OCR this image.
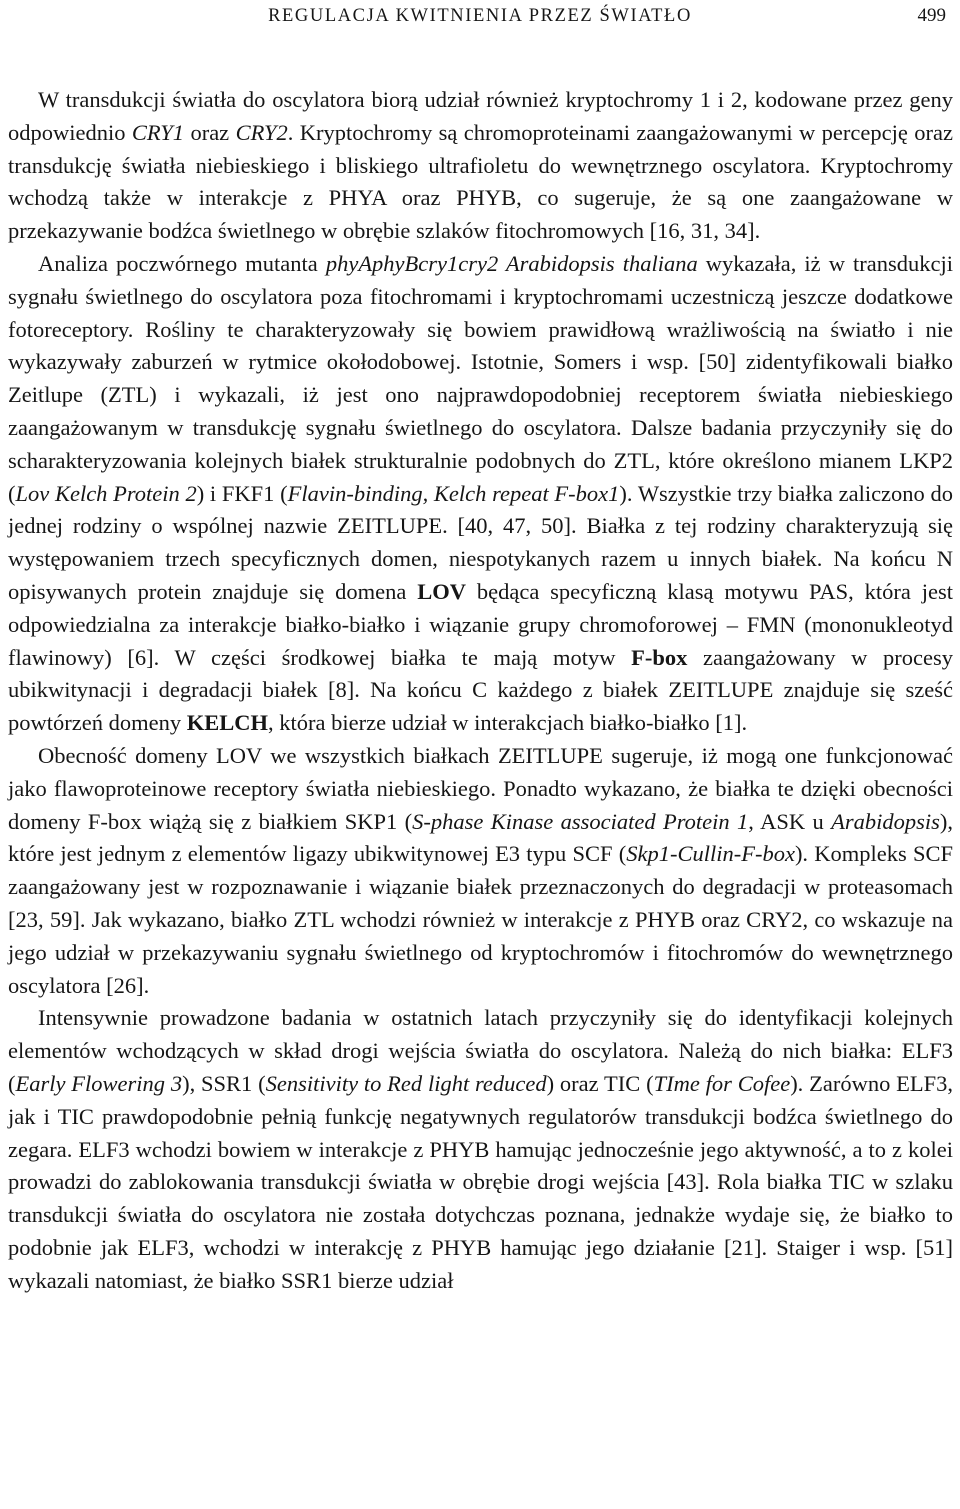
REGULACJA KWITNIENIA PRZEZ ŚWIATŁO	499

W transdukcji światła do oscylatora biorą udział również kryptochromy 1 i 2, kodowane przez geny odpowiednio CRY1 oraz CRY2. Kryptochromy są chromoproteinami zaangażowanymi w percepcję oraz transdukcję światła niebieskiego i bliskiego ultrafioletu do wewnętrznego oscylatora. Kryptochromy wchodzą także w interakcje z PHYA oraz PHYB, co sugeruje, że są one zaangażowane w przekazywanie bodźca świetlnego w obrębie szlaków fitochromowych [16, 31, 34].

Analiza poczwórnego mutanta phyAphyBcry1cry2 Arabidopsis thaliana wykazała, iż w transdukcji sygnału świetlnego do oscylatora poza fitochromami i kryptochromami uczestniczą jeszcze dodatkowe fotoreceptory. Rośliny te charakteryzowały się bowiem prawidłową wrażliwością na światło i nie wykazywały zaburzeń w rytmice okołodobowej. Istotnie, Somers i wsp. [50] zidentyfikowali białko Zeitlupe (ZTL) i wykazali, iż jest ono najprawdopodobniej receptorem światła niebieskiego zaangażowanym w transdukcję sygnału świetlnego do oscylatora. Dalsze badania przyczyniły się do scharakteryzowania kolejnych białek strukturalnie podobnych do ZTL, które określono mianem LKP2 (Lov Kelch Protein 2) i FKF1 (Flavin-binding, Kelch repeat F-box1). Wszystkie trzy białka zaliczono do jednej rodziny o wspólnej nazwie ZEITLUPE. [40, 47, 50]. Białka z tej rodziny charakteryzują się występowaniem trzech specyficznych domen, niespotykanych razem u innych białek. Na końcu N opisywanych protein znajduje się domena LOV będąca specyficzną klasą motywu PAS, która jest odpowiedzialna za interakcje białko-białko i wiązanie grupy chromoforowej – FMN (mononukleotyd flawinowy) [6]. W części środkowej białka te mają motyw F-box zaangażowany w procesy ubikwitynacji i degradacji białek [8]. Na końcu C każdego z białek ZEITLUPE znajduje się sześć powtórzeń domeny KELCH, która bierze udział w interakcjach białko-białko [1].

Obecność domeny LOV we wszystkich białkach ZEITLUPE sugeruje, iż mogą one funkcjonować jako flawoproteinowe receptory światła niebieskiego. Ponadto wykazano, że białka te dzięki obecności domeny F-box wiążą się z białkiem SKP1 (S-phase Kinase associated Protein 1, ASK u Arabidopsis), które jest jednym z elementów ligazy ubikwitynowej E3 typu SCF (Skp1-Cullin-F-box). Kompleks SCF zaangażowany jest w rozpoznawanie i wiązanie białek przeznaczonych do degradacji w proteasomach [23, 59]. Jak wykazano, białko ZTL wchodzi również w interakcje z PHYB oraz CRY2, co wskazuje na jego udział w przekazywaniu sygnału świetlnego od kryptochromów i fitochromów do wewnętrznego oscylatora [26].

Intensywnie prowadzone badania w ostatnich latach przyczyniły się do identyfikacji kolejnych elementów wchodzących w skład drogi wejścia światła do oscylatora. Należą do nich białka: ELF3 (Early Flowering 3), SSR1 (Sensitivity to Red light reduced) oraz TIC (TIme for Cofee). Zarówno ELF3, jak i TIC prawdopodobnie pełnią funkcję negatywnych regulatorów transdukcji bodźca świetlnego do zegara. ELF3 wchodzi bowiem w interakcje z PHYB hamując jednocześnie jego aktywność, a to z kolei prowadzi do zablokowania transdukcji światła w obrębie drogi wejścia [43]. Rola białka TIC w szlaku transdukcji światła do oscylatora nie została dotychczas poznana, jednakże wydaje się, że białko to podobnie jak ELF3, wchodzi w interakcję z PHYB hamując jego działanie [21]. Staiger i wsp. [51] wykazali natomiast, że białko SSR1 bierze udział
